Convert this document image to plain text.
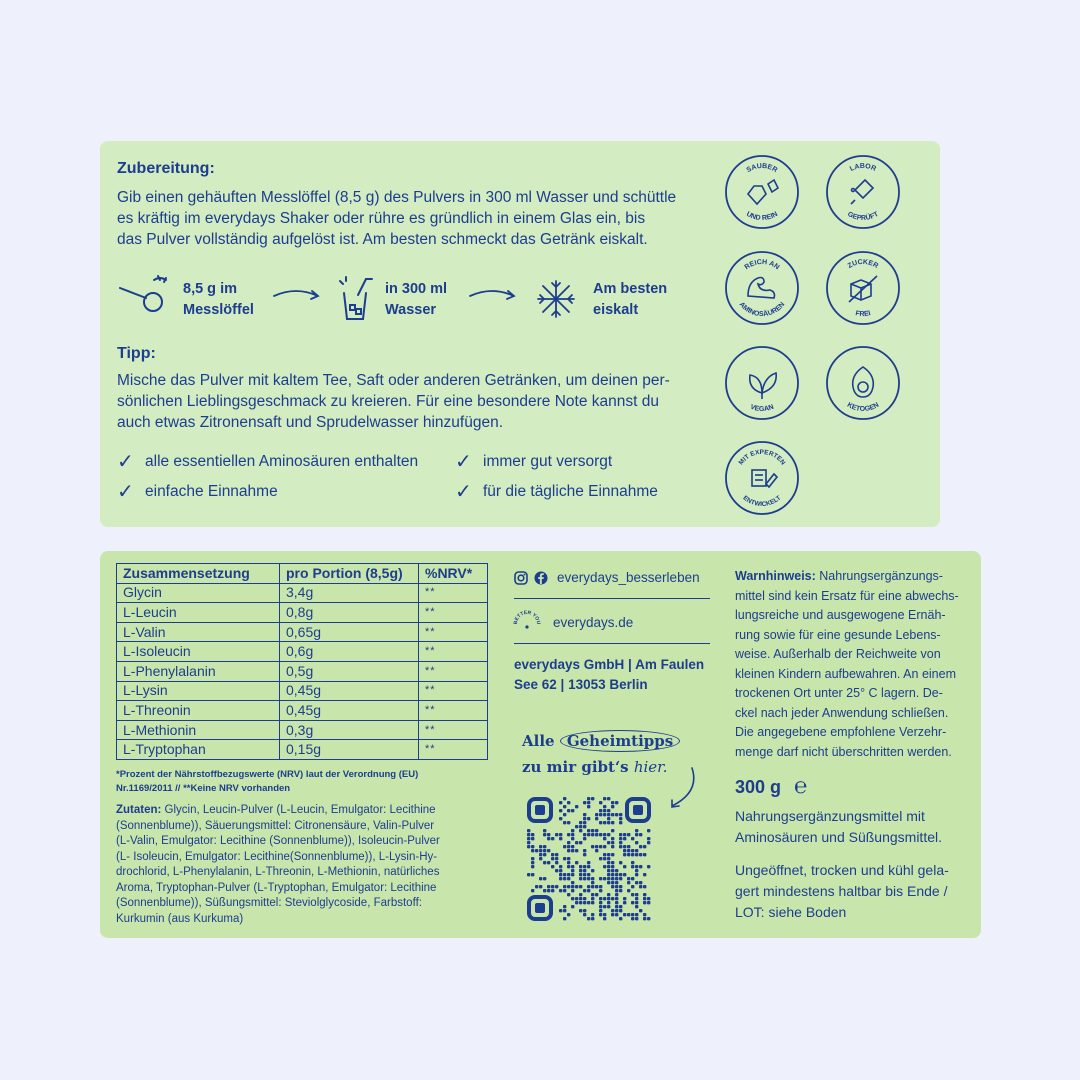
Zubereitung:
Gib einen gehäuften Messlöffel (8,5 g) des Pulvers in 300 ml Wasser und schüttle
es kräftig im everydays Shaker oder rühre es gründlich in einem Glas ein, bis
das Pulver vollständig aufgelöst ist. Am besten schmeckt das Getränk eiskalt.
8,5 g im
Messlöffel
in 300 ml
Wasser
Am besten
eiskalt
Tipp:
Mische das Pulver mit kaltem Tee, Saft oder anderen Getränken, um deinen per-
sönlichen Lieblingsgeschmack zu kreieren. Für eine besondere Note kannst du
auch etwas Zitronensaft und Sprudelwasser hinzufügen.
✓ alle essentiellen Aminosäuren enthalten ✓ immer gut versorgt
✓ einfache Einnahme	✓ für die tägliche Einnahme
SAUBER
UND REIN
LABOR
GEPRÜFT
REICH AN
AMINOSÄUREN
ZUCKER
FREI
VEGAN	KETOGEN
MIT EXPERTEN
ENTWICKELT
Zusammensetzung	pro Portion (8,5g)	%NRV*
Glycin	3,4g	**
L-Leucin	0,8g	**
L-Valin	0,65g	**
L-Isoleucin	0,6g	**
L-Phenylalanin	0,5g	**
L-Lysin	0,45g	**
L-Threonin	0,45g	**
L-Methionin	0,3g	**
L-Tryptophan	0,15g	**
*Prozent der Nährstoffbezugswerte (NRV) laut der Verordnung (EU)
Nr.1169/2011 // **Keine NRV vorhanden
Zutaten: Glycin, Leucin-Pulver (L-Leucin, Emulgator: Lecithine
(Sonnenblume)), Säuerungsmittel: Citronensäure, Valin-Pulver
(L-Valin, Emulgator: Lecithine (Sonnenblume)), Isoleucin-Pulver
(L- Isoleucin, Emulgator: Lecithine(Sonnenblume)), L-Lysin-Hy-
drochlorid, L-Phenylalanin, L-Threonin, L-Methionin, natürliches
Aroma, Tryptophan-Pulver (L-Tryptophan, Emulgator: Lecithine
(Sonnenblume)), Süßungsmittel: Steviolglycoside, Farbstoff:
Kurkumin (aus Kurkuma)
everydays_besserleben
BETTER YOU everydays.de
everydays GmbH | Am Faulen
See 62 | 13053 Berlin
Alle Geheimtipps
zu mir gibt‘s hier.
Warnhinweis: Nahrungsergänzungs-
mittel sind kein Ersatz für eine abwechs-
lungsreiche und ausgewogene Ernäh-
rung sowie für eine gesunde Lebens-
weise. Außerhalb der Reichweite von
kleinen Kindern aufbewahren. An einem
trockenen Ort unter 25° C lagern. De-
ckel nach jeder Anwendung schließen.
Die angegebene empfohlene Verzehr-
menge darf nicht überschritten werden.
300 g ℮
Nahrungsergänzungsmittel mit
Aminosäuren und Süßungsmittel.
Ungeöffnet, trocken und kühl gela-
gert mindestens haltbar bis Ende /
LOT: siehe Boden
